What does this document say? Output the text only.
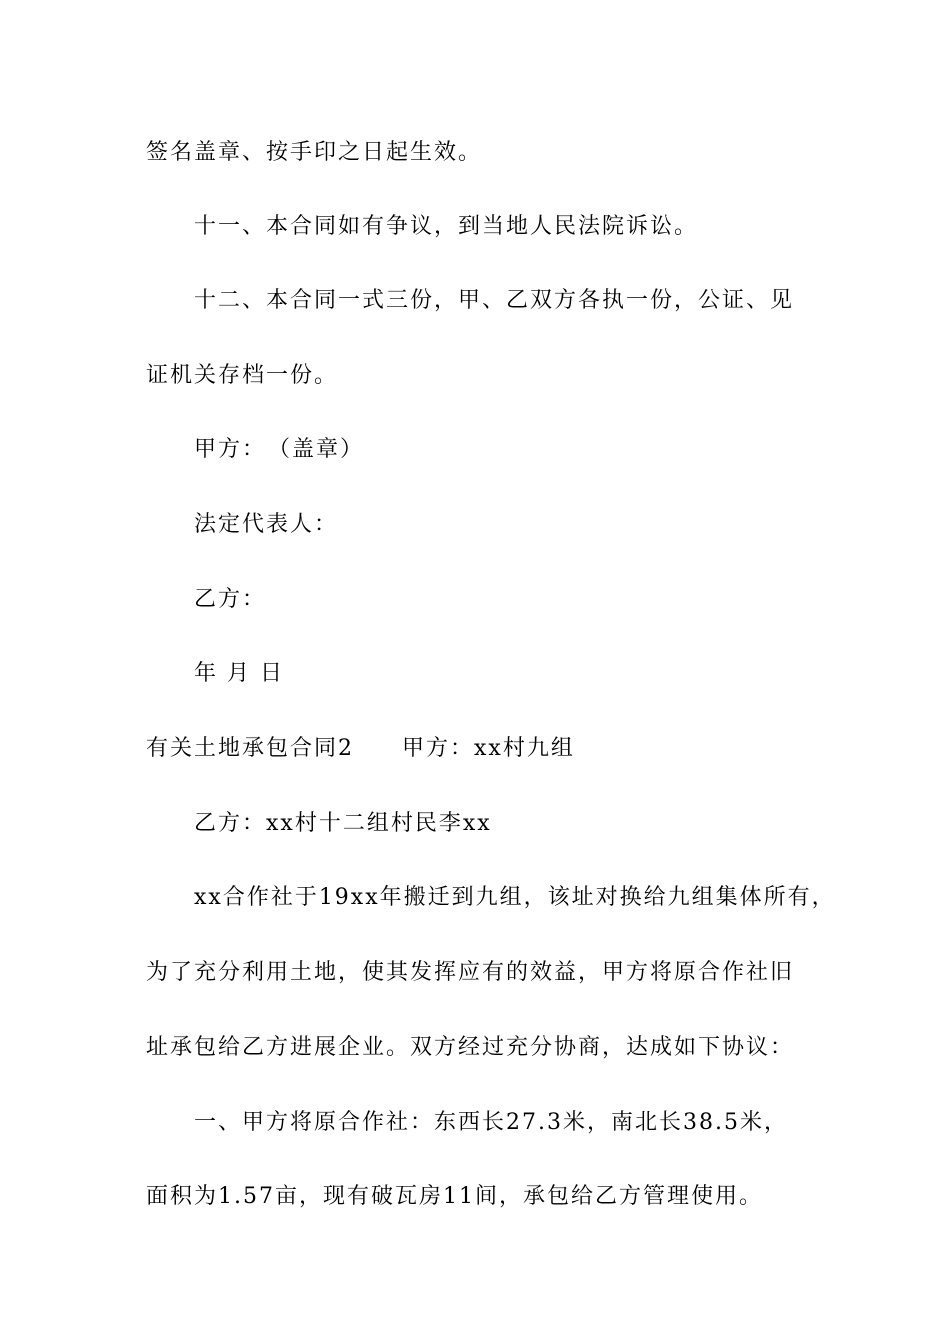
签名盖章、按手印之日起生效。
十一、本合同如有争议，到当地人民法院诉讼。
十二、本合同一式三份，甲、乙双方各执一份，公证、见
证机关存档一份。
甲方：　（盖章）
法定代表人：
乙方：
年 月 日
有关土地承包合同2 甲方：xx村九组
乙方：xx村十二组村民李xx
xx合作社于19xx年搬迁到九组，该址对换给九组集体所有，
为了充分利用土地，使其发挥应有的效益，甲方将原合作社旧
址承包给乙方进展企业。双方经过充分协商，达成如下协议：
一、甲方将原合作社：东西长27.3米，南北长38.5米，
面积为1.57亩，现有破瓦房11间，承包给乙方管理使用。
